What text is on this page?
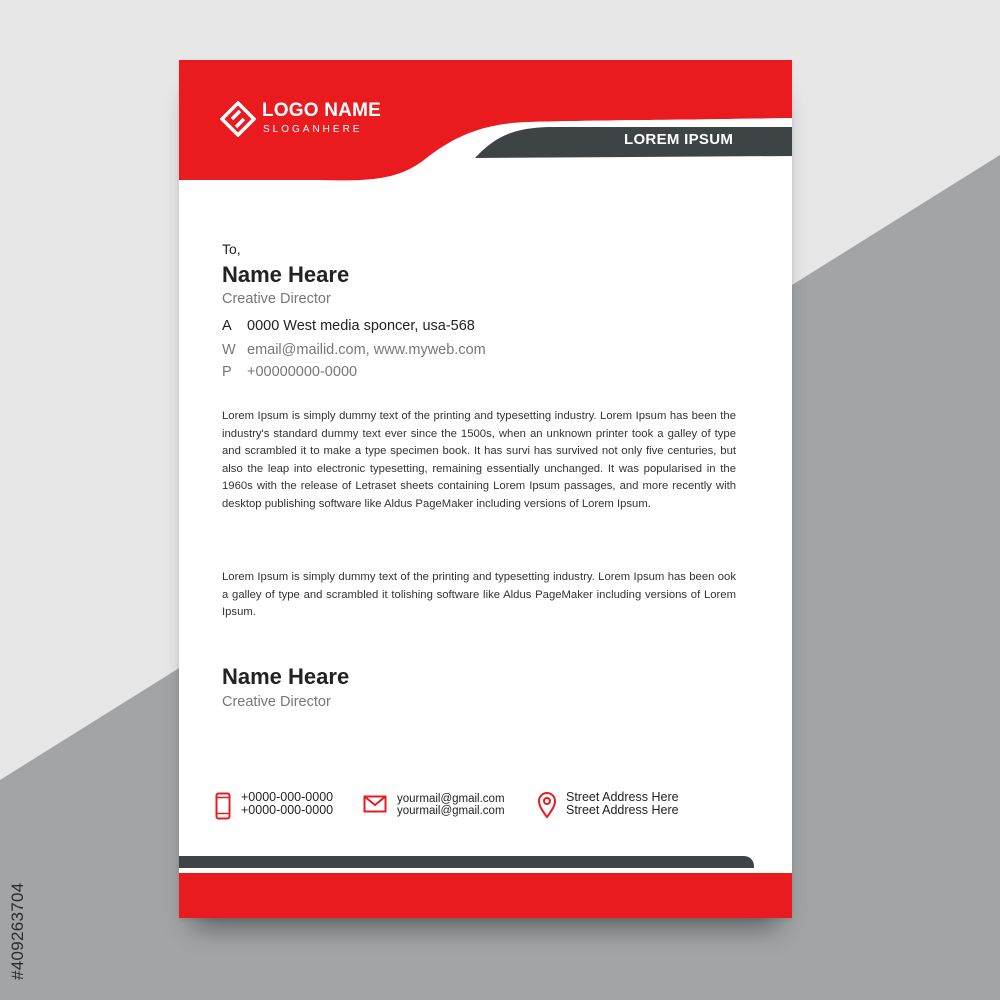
#409263704
LOGO NAME
SLOGANHERE
LOREM IPSUM
To,
Name Heare
Creative Director
A	0000 West media sponcer, usa-568
W email@mailid.com, www.myweb.com
P	+00000000-0000

Lorem Ipsum is simply dummy text of the printing and typesetting industry. Lorem Ipsum has been the industry's standard dummy text ever since the 1500s, when an unknown printer took a galley of type and scrambled it to make a type specimen book. It has survi has survived not only five centuries, but also the leap into electronic typesetting, remaining essentially unchanged. It was popularised in the 1960s with the release of Letraset sheets containing Lorem Ipsum passages, and more recently with desktop publishing software like Aldus PageMaker including versions of Lorem Ipsum.

Lorem Ipsum is simply dummy text of the printing and typesetting industry. Lorem Ipsum has been ook a galley of type and scrambled it tolishing software like Aldus PageMaker including versions of Lorem Ipsum.

Name Heare
Creative Director
+0000-000-0000
+0000-000-0000
yourmail@gmail.com
yourmail@gmail.com
Street Address Here
Street Address Here
